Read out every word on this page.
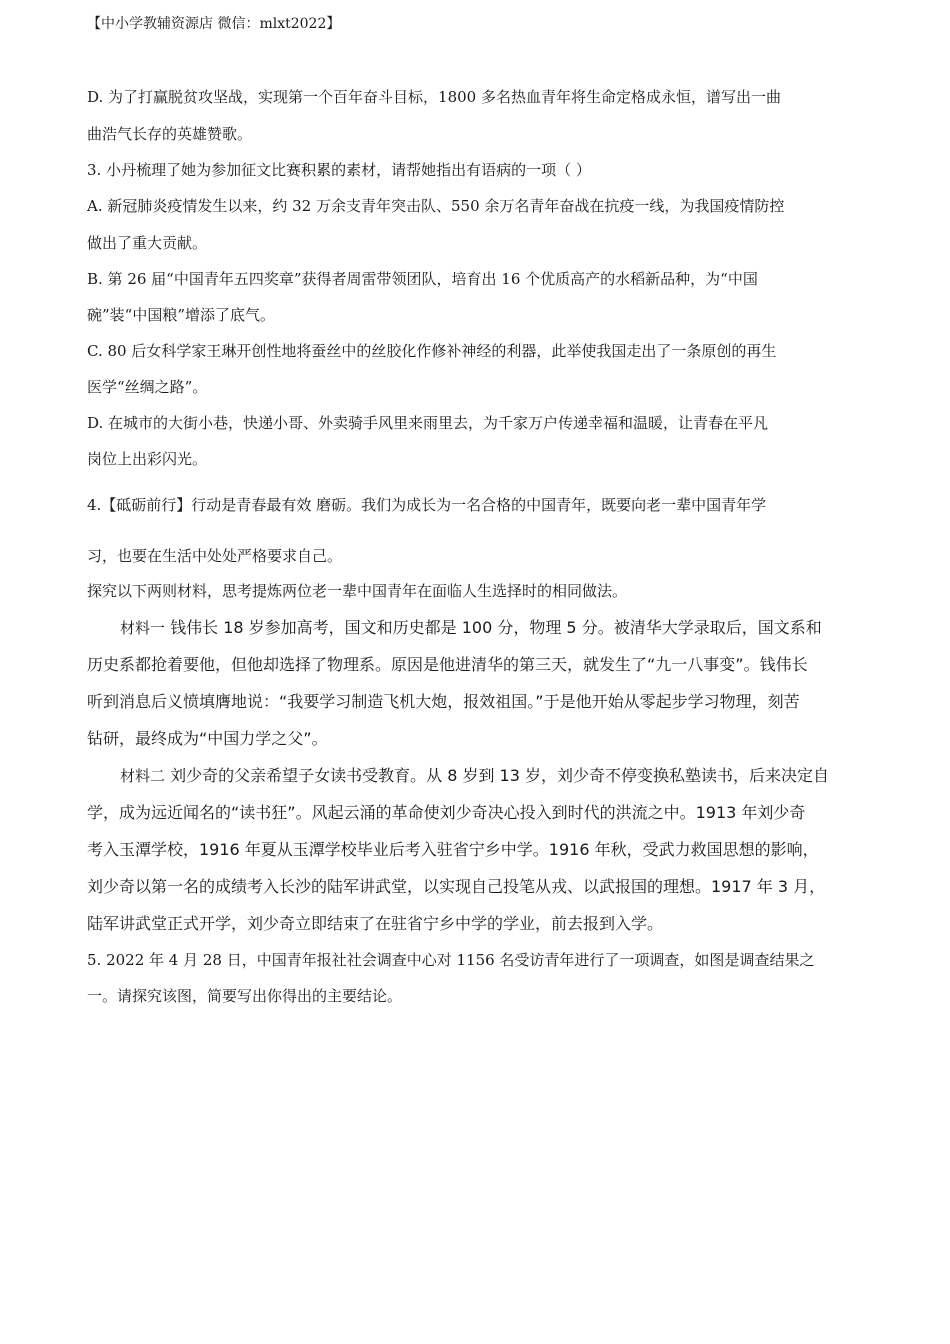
【中小学教辅资源店 微信：mlxt2022】
D. 为了打赢脱贫攻坚战，实现第一个百年奋斗目标，1800 多名热血青年将生命定格成永恒，谱写出一曲
曲浩气长存的英雄赞歌。
3. 小丹梳理了她为参加征文比赛积累的素材，请帮她指出有语病的一项（ ）
A. 新冠肺炎疫情发生以来，约 32 万余支青年突击队、550 余万名青年奋战在抗疫一线，为我国疫情防控
做出了重大贡献。
B. 第 26 届“中国青年五四奖章”获得者周雷带领团队，培育出 16 个优质高产的水稻新品种，为“中国
碗”装“中国粮”增添了底气。
C. 80 后女科学家王琳开创性地将蚕丝中的丝胶化作修补神经的利器，此举使我国走出了一条原创的再生
医学“丝绸之路”。
D. 在城市的大街小巷，快递小哥、外卖骑手风里来雨里去，为千家万户传递幸福和温暖，让青春在平凡
岗位上出彩闪光。
4.【砥砺前行】行动是青春最有效 磨砺。我们为成长为一名合格的中国青年，既要向老一辈中国青年学
习，也要在生活中处处严格要求自己。
探究以下两则材料，思考提炼两位老一辈中国青年在面临人生选择时的相同做法。
材料一 钱伟长 18 岁参加高考，国文和历史都是 100 分，物理 5 分。被清华大学录取后，国文系和
历史系都抢着要他，但他却选择了物理系。原因是他进清华的第三天，就发生了“九一八事变”。钱伟长
听到消息后义愤填膺地说：“我要学习制造飞机大炮，报效祖国。”于是他开始从零起步学习物理，刻苦
钻研，最终成为“中国力学之父”。
材料二 刘少奇的父亲希望子女读书受教育。从 8 岁到 13 岁，刘少奇不停变换私塾读书，后来决定自
学，成为远近闻名的“读书狂”。风起云涌的革命使刘少奇决心投入到时代的洪流之中。1913 年刘少奇
考入玉潭学校，1916 年夏从玉潭学校毕业后考入驻省宁乡中学。1916 年秋，受武力救国思想的影响，
刘少奇以第一名的成绩考入长沙的陆军讲武堂，以实现自己投笔从戎、以武报国的理想。1917 年 3 月，
陆军讲武堂正式开学，刘少奇立即结束了在驻省宁乡中学的学业，前去报到入学。
5. 2022 年 4 月 28 日，中国青年报社社会调查中心对 1156 名受访青年进行了一项调查，如图是调查结果之
一。请探究该图，简要写出你得出的主要结论。
